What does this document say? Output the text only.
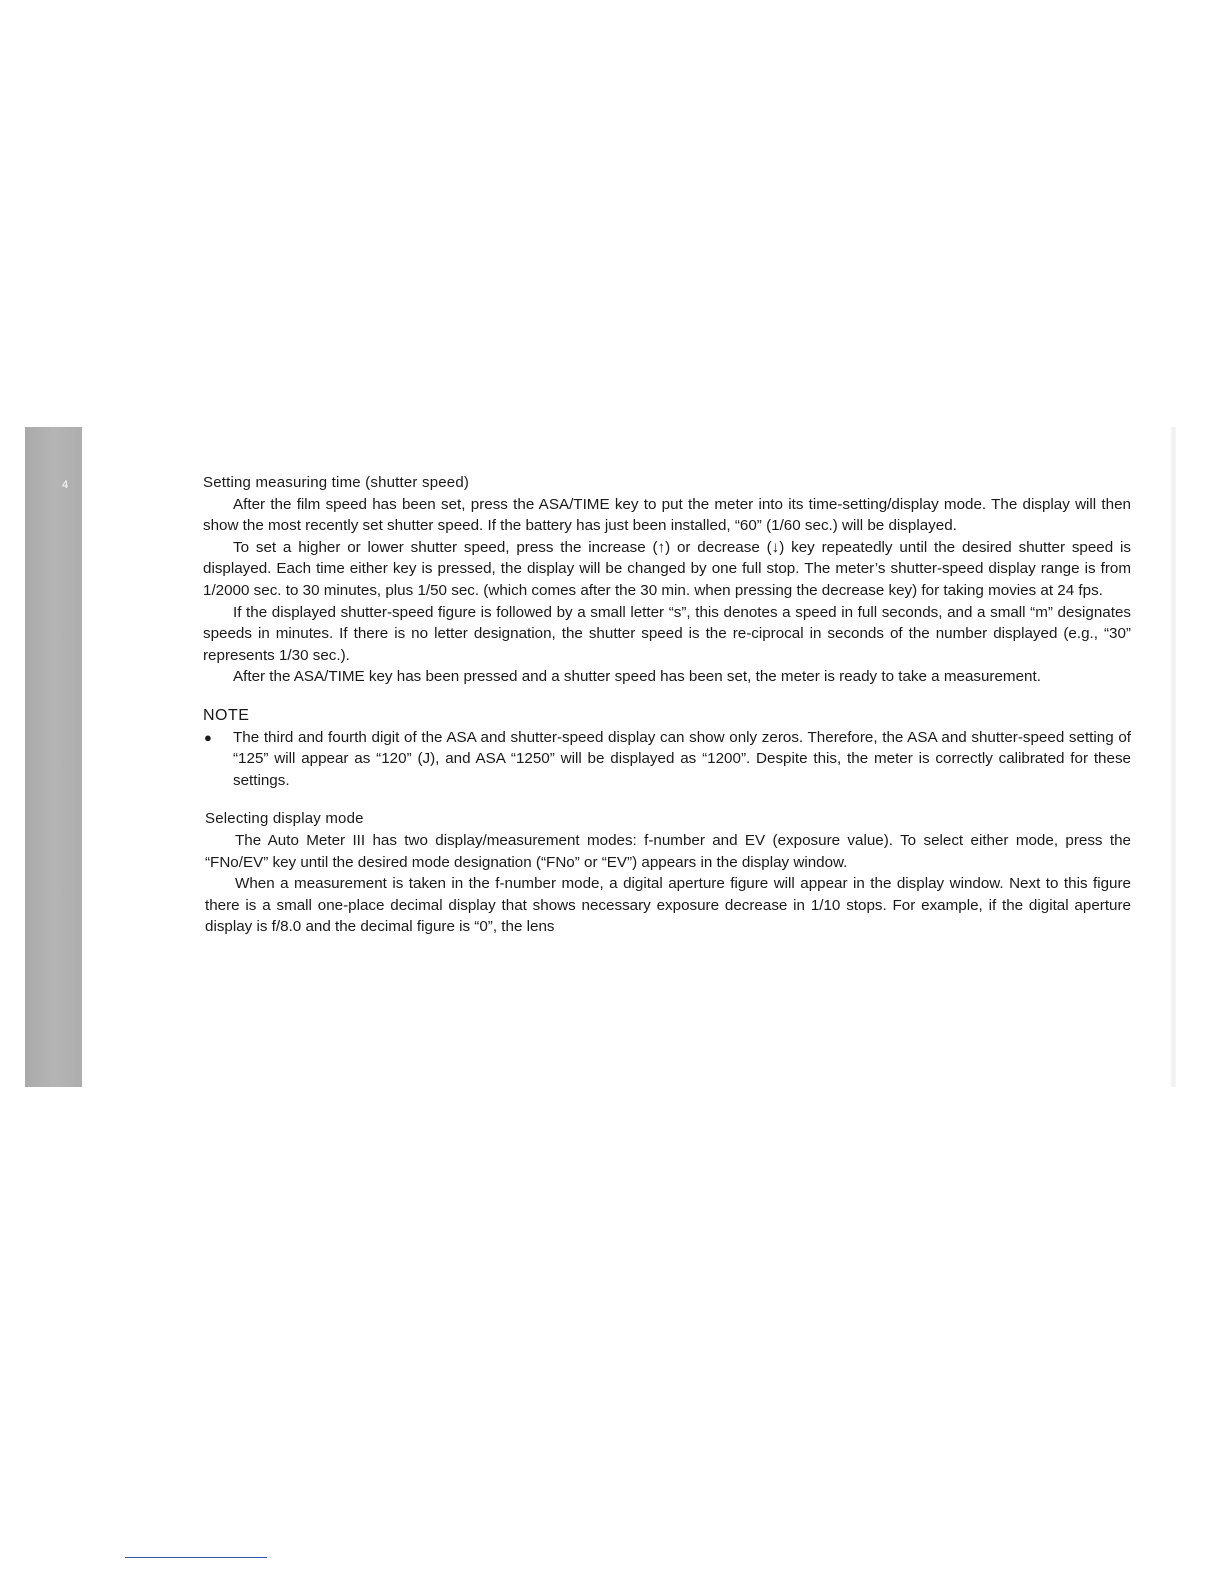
4	Setting measuring time (shutter speed)

After the film speed has been set, press the ASA/TIME key to put the meter into its time-setting/display mode. The display will then show the most recently set shutter speed. If the battery has just been installed, “60” (1/60 sec.) will be displayed.

To set a higher or lower shutter speed, press the increase (↑) or decrease (↓) key repeatedly until the desired shutter speed is displayed. Each time either key is pressed, the display will be changed by one full stop. The meter’s shutter-speed display range is from 1/2000 sec. to 30 minutes, plus 1/50 sec. (which comes after the 30 min. when pressing the decrease key) for taking movies at 24 fps.

If the displayed shutter-speed figure is followed by a small letter “s”, this denotes a speed in full seconds, and a small “m” designates speeds in minutes. If there is no letter designation, the shutter speed is the re-ciprocal in seconds of the number displayed (e.g., “30” represents 1/30 sec.).

After the ASA/TIME key has been pressed and a shutter speed has been set, the meter is ready to take a measurement.

NOTE
● The third and fourth digit of the ASA and shutter-speed display can show only zeros. Therefore, the ASA and shutter-speed setting of “125” will appear as “120” (J), and ASA “1250” will be displayed as “1200”. Despite this, the meter is correctly calibrated for these settings.
Selecting display mode

The Auto Meter III has two display/measurement modes: f-number and EV (exposure value). To select either mode, press the “FNo/EV” key until the desired mode designation (“FNo” or “EV”) appears in the display window.

When a measurement is taken in the f-number mode, a digital aperture figure will appear in the display window. Next to this figure there is a small one-place decimal display that shows necessary exposure decrease in 1/10 stops. For example, if the digital aperture display is f/8.0 and the decimal figure is “0”, the lens
